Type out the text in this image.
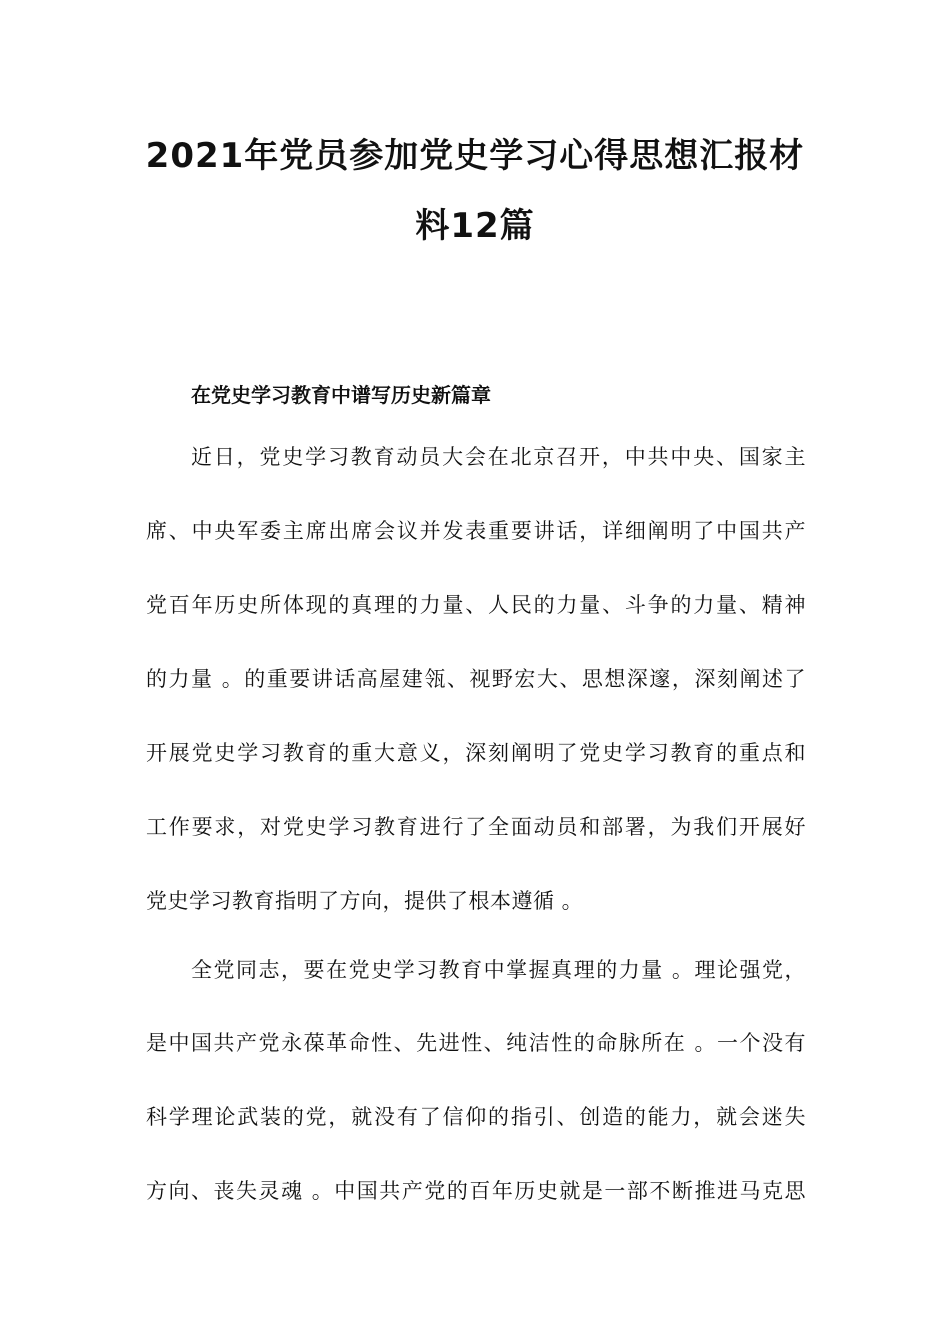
2021年党员参加党史学习心得思想汇报材
料12篇
在党史学习教育中谱写历史新篇章
近日，党史学习教育动员大会在北京召开，中共中央、国家主
席、中央军委主席出席会议并发表重要讲话，详细阐明了中国共产
党百年历史所体现的真理的力量、人民的力量、斗争的力量、精神
的力量 。的重要讲话高屋建瓴、视野宏大、思想深邃，深刻阐述了
开展党史学习教育的重大意义，深刻阐明了党史学习教育的重点和
工作要求，对党史学习教育进行了全面动员和部署，为我们开展好
党史学习教育指明了方向，提供了根本遵循 。
全党同志，要在党史学习教育中掌握真理的力量 。理论强党，
是中国共产党永葆革命性、先进性、纯洁性的命脉所在 。一个没有
科学理论武装的党，就没有了信仰的指引、创造的能力，就会迷失
方向、丧失灵魂 。中国共产党的百年历史就是一部不断推进马克思
